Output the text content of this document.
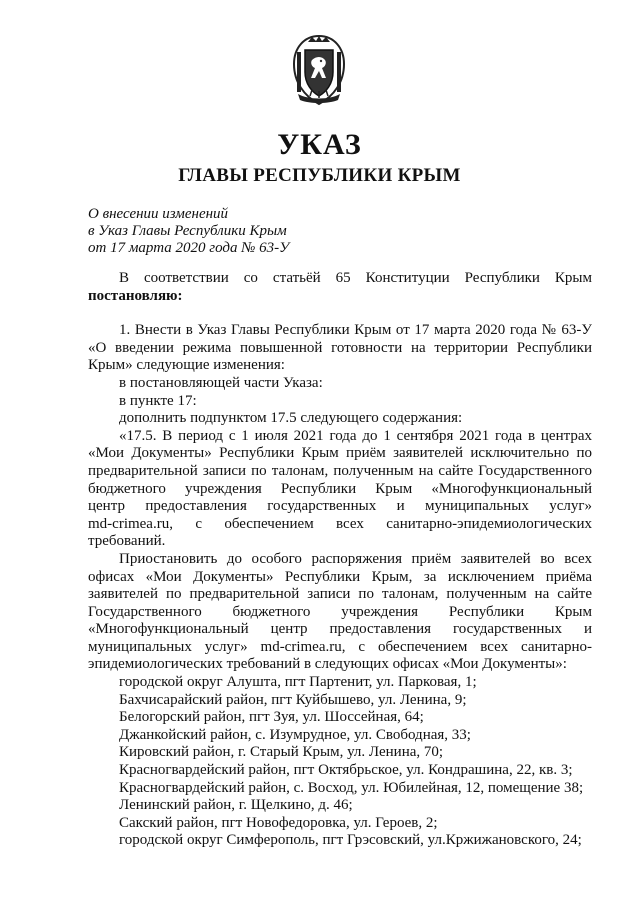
УКАЗ
ГЛАВЫ РЕСПУБЛИКИ КРЫМ
О внесении изменений
в Указ Главы Республики Крым
от 17 марта 2020 года № 63-У

В соответствии со статьёй 65 Конституции Республики Крым

постановляю:

1. Внести в Указ Главы Республики Крым от 17 марта 2020 года № 63-У

«О введении режима повышенной готовности на территории Республики

Крым» следующие изменения:

в постановляющей части Указа:

в пункте 17:

дополнить подпунктом 17.5 следующего содержания:

«17.5. В период с 1 июля 2021 года до 1 сентября 2021 года в центрах

«Мои Документы» Республики Крым приём заявителей исключительно по

предварительной записи по талонам, полученным на сайте Государственного

бюджетного учреждения Республики Крым «Многофункциональный

центр предоставления государственных и муниципальных услуг»

md-crimea.ru, с обеспечением всех санитарно-эпидемиологических

требований.

Приостановить до особого распоряжения приём заявителей во всех

офисах «Мои Документы» Республики Крым, за исключением приёма

заявителей по предварительной записи по талонам, полученным на сайте

Государственного бюджетного учреждения Республики Крым

«Многофункциональный центр предоставления государственных и

муниципальных услуг» md-crimea.ru, с обеспечением всех санитарно-

эпидемиологических требований в следующих офисах «Мои Документы»:

городской округ Алушта, пгт Партенит, ул. Парковая, 1;

Бахчисарайский район, пгт Куйбышево, ул. Ленина, 9;

Белогорский район, пгт Зуя, ул. Шоссейная, 64;

Джанкойский район, с. Изумрудное, ул. Свободная, 33;

Кировский район, г. Старый Крым, ул. Ленина, 70;

Красногвардейский район, пгт Октябрьское, ул. Кондрашина, 22, кв. 3;

Красногвардейский район, с. Восход, ул. Юбилейная, 12, помещение 38;

Ленинский район, г. Щелкино, д. 46;

Сакский район, пгт Новофедоровка, ул. Героев, 2;

городской округ Симферополь, пгт Грэсовский, ул.Кржижановского, 24;
